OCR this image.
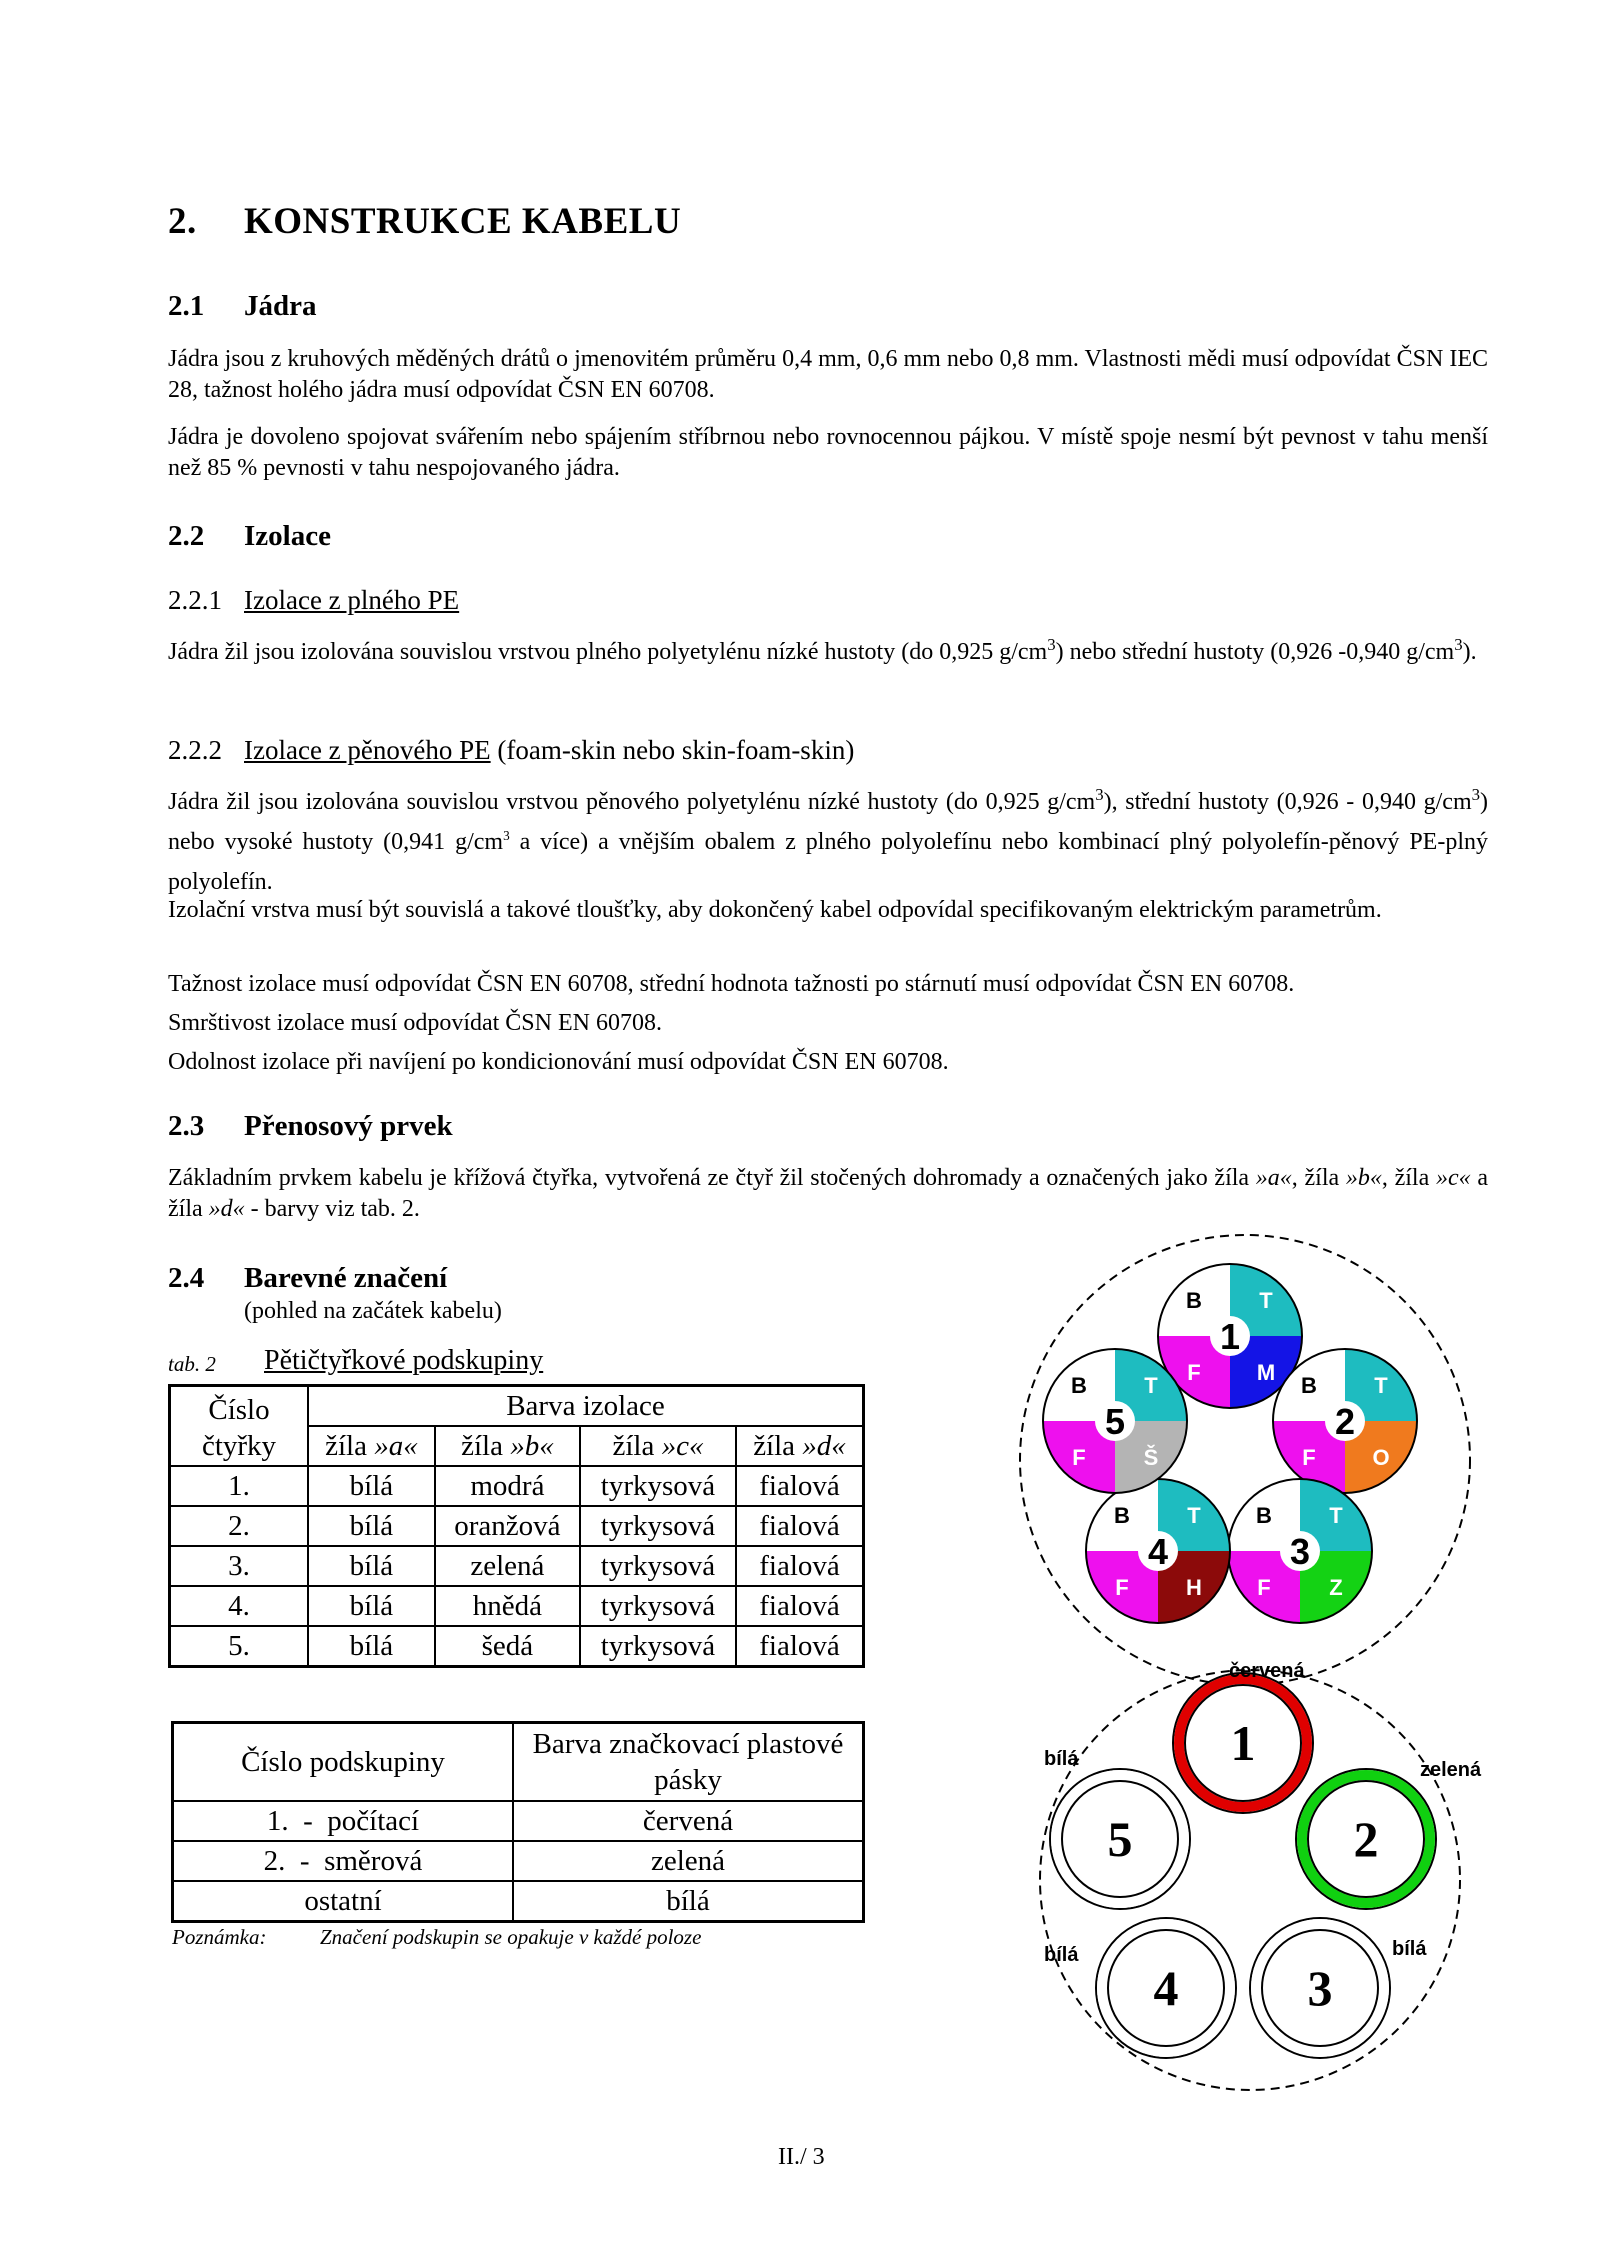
2. KONSTRUKCE KABELU
2.1 Jádra

Jádra jsou z kruhových měděných drátů o jmenovitém průměru 0,4 mm, 0,6 mm nebo 0,8 mm. Vlastnosti mědi musí odpovídat ČSN IEC 28, tažnost holého jádra musí odpovídat ČSN EN 60708.

Jádra je dovoleno spojovat svářením nebo spájením stříbrnou nebo rovnocennou pájkou. V místě spoje nesmí být pevnost v tahu menší než 85 % pevnosti v tahu nespojovaného jádra.

2.2 Izolace
2.2.1 Izolace z plného PE

Jádra žil jsou izolována souvislou vrstvou plného polyetylénu nízké hustoty (do 0,925 $g/cm^3$) nebo střední hustoty (0,926 -0,940 $g/cm^3$).

2.2.2 Izolace z pěnového PE (foam-skin nebo skin-foam-skin)

Jádra žil jsou izolována souvislou vrstvou pěnového polyetylénu nízké hustoty (do 0,925 $g/cm^3$), střední hustoty (0,926 - 0,940 $g/cm^3$) nebo vysoké hustoty (0,941 $g/cm^3$ a více) a vnějším obalem z plného polyolefínu nebo kombinací plný polyolefín-pěnový PE-plný polyolefín.

Izolační vrstva musí být souvislá a takové tloušťky, aby dokončený kabel odpovídal specifikovaným elektrickým parametrům.

Tažnost izolace musí odpovídat ČSN EN 60708, střední hodnota tažnosti po stárnutí musí odpovídat ČSN EN 60708.

Smrštivost izolace musí odpovídat ČSN EN 60708.

Odolnost izolace při navíjení po kondicionování musí odpovídat ČSN EN 60708.

2.3 Přenosový prvek

Základním prvkem kabelu je křížová čtyřka, vytvořená ze čtyř žil stočených dohromady a označených jako žíla »a«, žíla »b«, žíla »c« a žíla »d« - barvy viz tab. 2.

2.4 Barevné značení
(pohled na začátek kabelu)
tab. 2 Pětičtyřkové podskupiny
Číslo čtyřky	Barva izolace			
	žíla »a«	žíla »b«	žíla »c«	žíla »d«
1.	bílá	modrá	tyrkysová	fialová
2.	bílá	oranžová	tyrkysová	fialová
3.	bílá	zelená	tyrkysová	fialová
4.	bílá	hnědá	tyrkysová	fialová
5.	bílá	šedá	tyrkysová	fialová
Číslo podskupiny	Barva značkovací plastové pásky
1.  -  počítací	červená
2.  -  směrová	zelená
ostatní	bílá
Poznámka:	Značení podskupin se opakuje v každé poloze
B	T
F	M
1
B	T
F	O
2
B	T
F	Z
3
B	T
F	H
4
B	T
F	Š
5
1
2
3
4
5
červená
zelená
bílá
bílá	bílá
II./ 3
